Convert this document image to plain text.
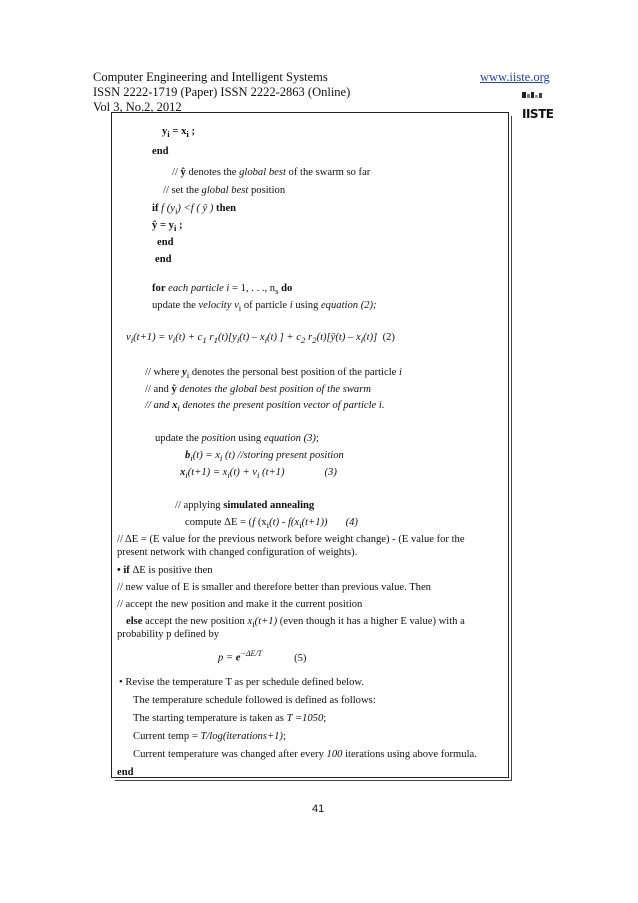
Computer Engineering and Intelligent Systems
ISSN 2222-1719 (Paper) ISSN 2222-2863 (Online)
Vol 3, No.2, 2012
www.iiste.org
IISTE
$y_i = x_i$ ;
end
// ŷ denotes the global best of the swarm so far
// set the global best position
if f $(y_i) <f$ ( ŷ ) then
ŷ = $y_i$ ;
end
end
for each particle i = 1, . . ., $n_s$ do
update the velocity $v_i$ of particle i using equation (2);
$v_i(t+1) = v_i(t) + c_1$ $r_1(t)[y_i(t) - x_i(t)$ ] + $c_2$ $r_2(t)[ŷ(t) - x_i(t)]$ (2)
// where $y_i$ denotes the personal best position of the particle i
// and ŷ denotes the global best position of the swarm
// and $x_i$ denotes the present position vector of particle i.
update the position using equation (3);
$b_i(t) = x_i$ (t) //storing present position
$x_i(t+1) = x_i(t) + v_i$ (t+1)	(3)
// applying simulated annealing
compute ΔE = (f ($x_i(t) - f(x_i(t+1))$ (4)
// ΔE = (E value for the previous network before weight change) - (E value for the
present network with changed configuration of weights).
• if ΔE is positive then
// new value of E is smaller and therefore better than previous value. Then
// accept the new position and make it the current position
else accept the new position $x_i(t+1)$ (even though it has a higher E value) with a
probability p defined by
$p = e^{-\Delta E/T}$	(5)
• Revise the temperature T as per schedule defined below.
The temperature schedule followed is defined as follows:
The starting temperature is taken as T =1050;
Current temp = T/log(iterations+1);
Current temperature was changed after every 100 iterations using above formula.
end
41
